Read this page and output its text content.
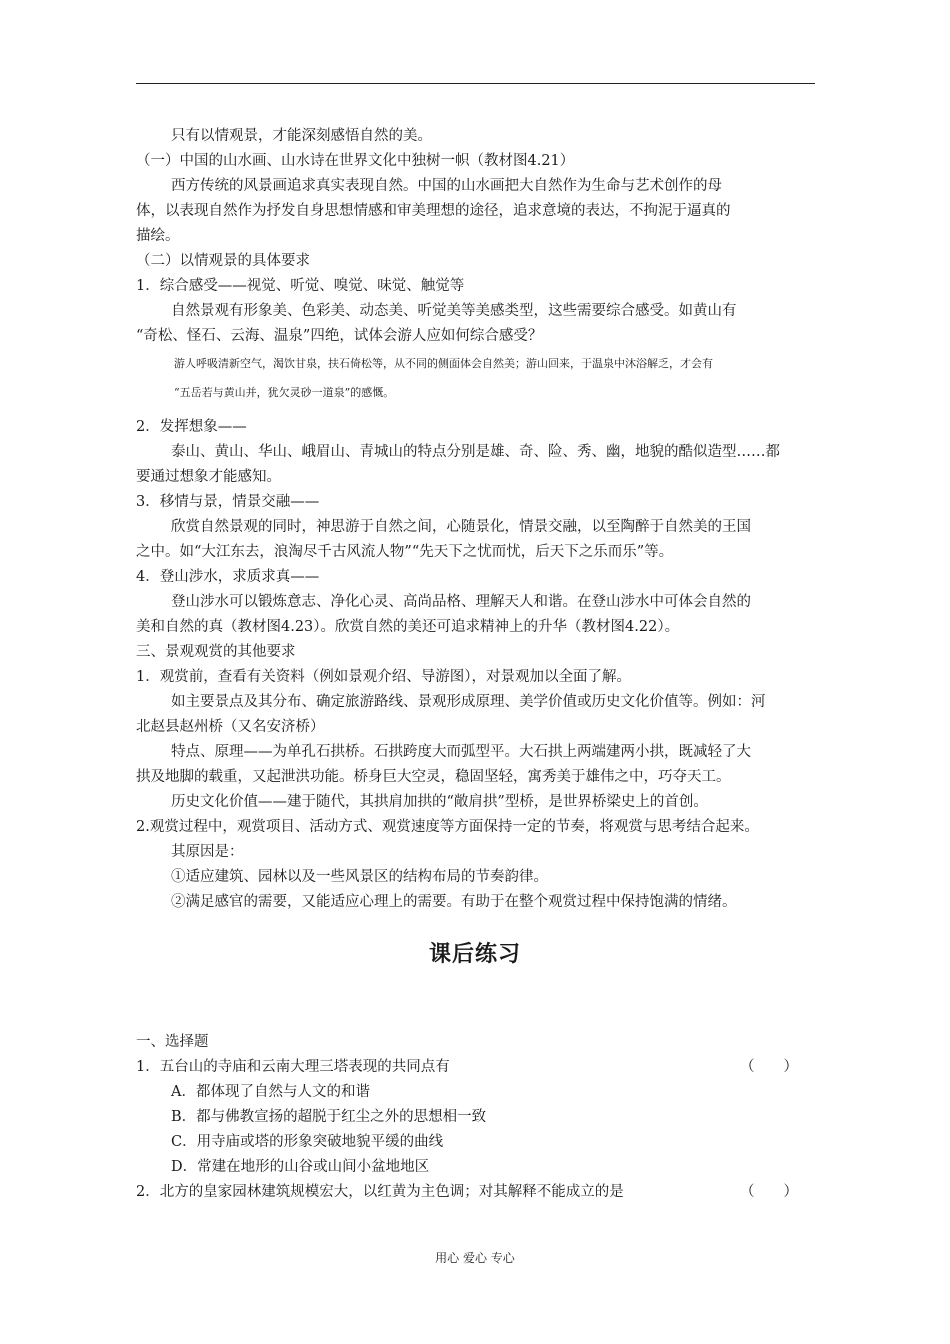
只有以情观景，才能深刻感悟自然的美。
（一）中国的山水画、山水诗在世界文化中独树一帜（教材图4.21）
西方传统的风景画追求真实表现自然。中国的山水画把大自然作为生命与艺术创作的母
体，以表现自然作为抒发自身思想情感和审美理想的途径，追求意境的表达，不拘泥于逼真的
描绘。
（二）以情观景的具体要求
1．综合感受——视觉、听觉、嗅觉、味觉、触觉等
自然景观有形象美、色彩美、动态美、听觉美等美感类型，这些需要综合感受。如黄山有
“奇松、怪石、云海、温泉”四绝，试体会游人应如何综合感受？
游人呼吸清新空气，渴饮甘泉，扶石倚松等，从不同的侧面体会自然美；游山回来，于温泉中沐浴解乏，才会有
“五岳若与黄山并，犹欠灵砂一道泉”的感慨。
2．发挥想象——
泰山、黄山、华山、峨眉山、青城山的特点分别是雄、奇、险、秀、幽，地貌的酷似造型……都
要通过想象才能感知。
3．移情与景，情景交融——
欣赏自然景观的同时，神思游于自然之间，心随景化，情景交融，以至陶醉于自然美的王国
之中。如“大江东去，浪淘尽千古风流人物”“先天下之忧而忧，后天下之乐而乐”等。
4．登山涉水，求质求真——
登山涉水可以锻炼意志、净化心灵、高尚品格、理解天人和谐。在登山涉水中可体会自然的
美和自然的真（教材图4.23）。欣赏自然的美还可追求精神上的升华（教材图4.22）。
三、景观观赏的其他要求
1．观赏前，查看有关资料（例如景观介绍、导游图），对景观加以全面了解。
如主要景点及其分布、确定旅游路线、景观形成原理、美学价值或历史文化价值等。例如：河
北赵县赵州桥（又名安济桥）
特点、原理——为单孔石拱桥。石拱跨度大而弧型平。大石拱上两端建两小拱，既减轻了大
拱及地脚的载重，又起泄洪功能。桥身巨大空灵，稳固坚轻，寓秀美于雄伟之中，巧夺天工。
历史文化价值——建于随代，其拱肩加拱的“敞肩拱”型桥，是世界桥梁史上的首创。
2.观赏过程中，观赏项目、活动方式、观赏速度等方面保持一定的节奏，将观赏与思考结合起来。
其原因是：
①适应建筑、园林以及一些风景区的结构布局的节奏韵律。
②满足感官的需要，又能适应心理上的需要。有助于在整个观赏过程中保持饱满的情绪。
课后练习
一、选择题
1．五台山的寺庙和云南大理三塔表现的共同点有	（　　）
A．都体现了自然与人文的和谐
B．都与佛教宣扬的超脱于红尘之外的思想相一致
C．用寺庙或塔的形象突破地貌平缓的曲线
D．常建在地形的山谷或山间小盆地地区
2．北方的皇家园林建筑规模宏大，以红黄为主色调；对其解释不能成立的是	（　　）
用心 爱心 专心
